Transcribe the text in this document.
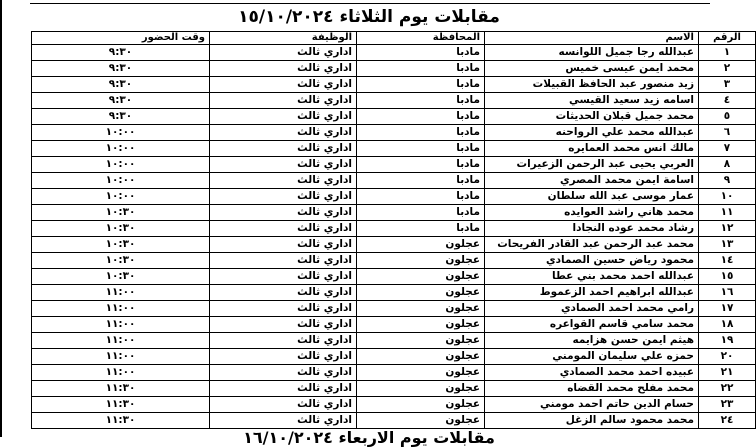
مقابلات يوم الثلاثاء ١٥/١٠/٢٠٢٤
الرقم	الاسم	المحافظة	الوظيفة	وقت الحضور
١	عبدالله رجا جميل اللوانسه	مادبا	اداري ثالث	٩:٣٠
٢	محمد ايمن عيسى خميس	مادبا	اداري ثالث	٩:٣٠
٣	زيد منصور عبد الحافظ القبيلات	مادبا	اداري ثالث	٩:٣٠
٤	اسامه زيد سعيد القيسي	مادبا	اداري ثالث	٩:٣٠
٥	محمد جميل قبلان الحديثات	مادبا	اداري ثالث	٩:٣٠
٦	عبدالله محمد علي الرواحنه	مادبا	اداري ثالث	١٠:٠٠
٧	مالك انس محمد العمايره	مادبا	اداري ثالث	١٠:٠٠
٨	العربي يحيى عبد الرحمن الزعيرات	مادبا	اداري ثالث	١٠:٠٠
٩	اسامة ايمن محمد المصري	مادبا	اداري ثالث	١٠:٠٠
١٠	عمار موسى عبد الله سلطان	مادبا	اداري ثالث	١٠:٠٠
١١	محمد هاني راشد العوايده	مادبا	اداري ثالث	١٠:٣٠
١٢	رشاد محمد عوده النجادا	مادبا	اداري ثالث	١٠:٣٠
١٣	محمد عبد الرحمن عبد القادر الفريحات	عجلون	اداري ثالث	١٠:٣٠
١٤	محمود رياض حسين الصمادي	عجلون	اداري ثالث	١٠:٣٠
١٥	عبدالله احمد محمد بني عطا	عجلون	اداري ثالث	١٠:٣٠
١٦	عبدالله ابراهيم احمد الزعموط	عجلون	اداري ثالث	١١:٠٠
١٧	رامي محمد احمد الصمادي	عجلون	اداري ثالث	١١:٠٠
١٨	محمد سامي قاسم القواعره	عجلون	اداري ثالث	١١:٠٠
١٩	هيثم ايمن حسن هزايمه	عجلون	اداري ثالث	١١:٠٠
٢٠	حمزه علي سليمان المومني	عجلون	اداري ثالث	١١:٠٠
٢١	عبيده احمد محمد الصمادي	عجلون	اداري ثالث	١١:٠٠
٢٢	محمد مفلح محمد القضاه	عجلون	اداري ثالث	١١:٣٠
٢٣	حسام الدين حاتم احمد مومني	عجلون	اداري ثالث	١١:٣٠
٢٤	محمد محمود سالم الزغل	عجلون	اداري ثالث	١١:٣٠
مقابلات يوم الاربعاء ١٦/١٠/٢٠٢٤
